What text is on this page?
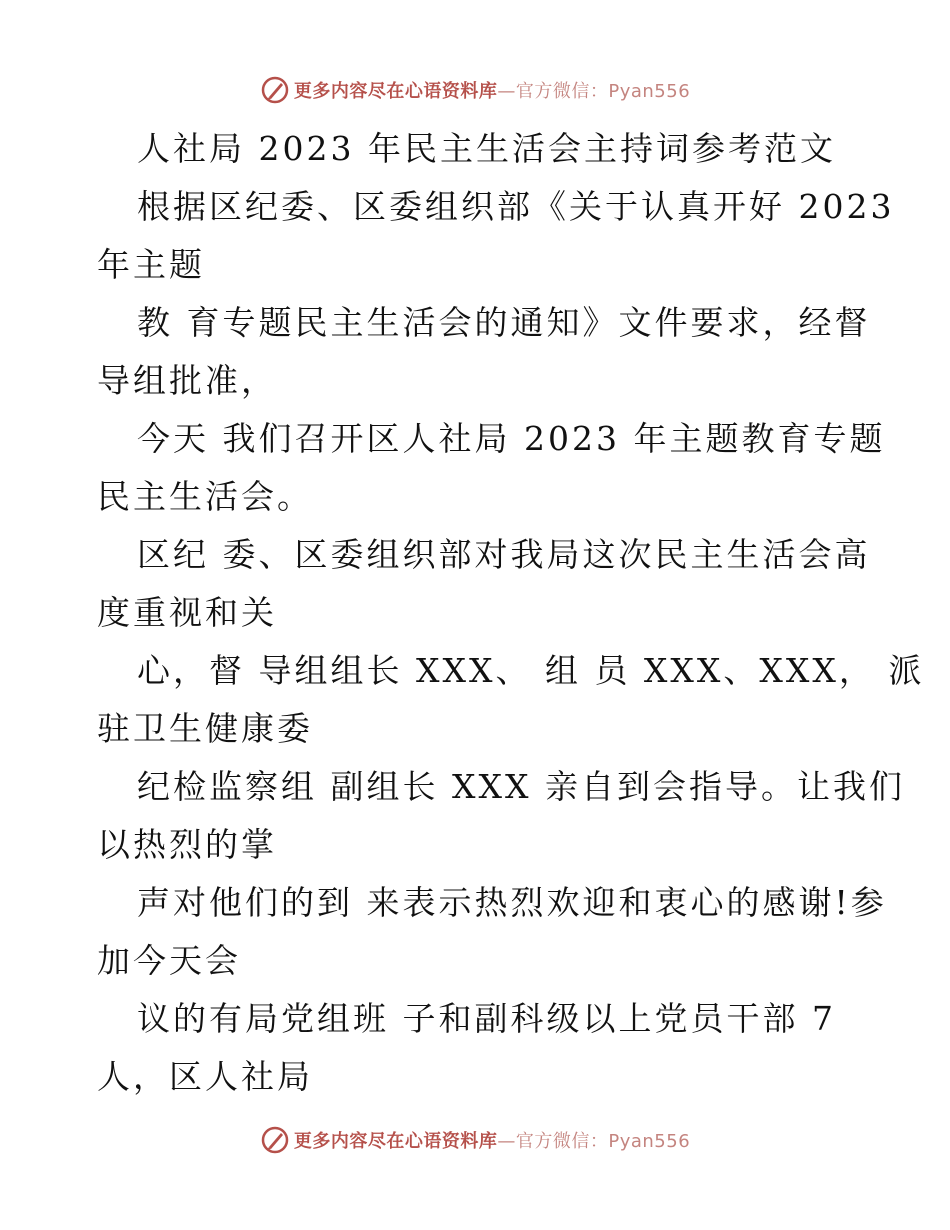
更多内容尽在心语资料库—官方微信：Pyan556
人社局 2023 年民主生活会主持词参考范文
根据区纪委、区委组织部《关于认真开好 2023
年主题
教 育专题民主生活会的通知》文件要求，经督
导组批准，
今天 我们召开区人社局 2023 年主题教育专题
民主生活会。
区纪 委、区委组织部对我局这次民主生活会高
度重视和关
心，督 导组组长 XXX、 组 员 XXX、XXX， 派
驻卫生健康委
纪检监察组 副组长 XXX 亲自到会指导。让我们
以热烈的掌
声对他们的到 来表示热烈欢迎和衷心的感谢!参
加今天会
议的有局党组班 子和副科级以上党员干部 7
人，区人社局
更多内容尽在心语资料库—官方微信：Pyan556
